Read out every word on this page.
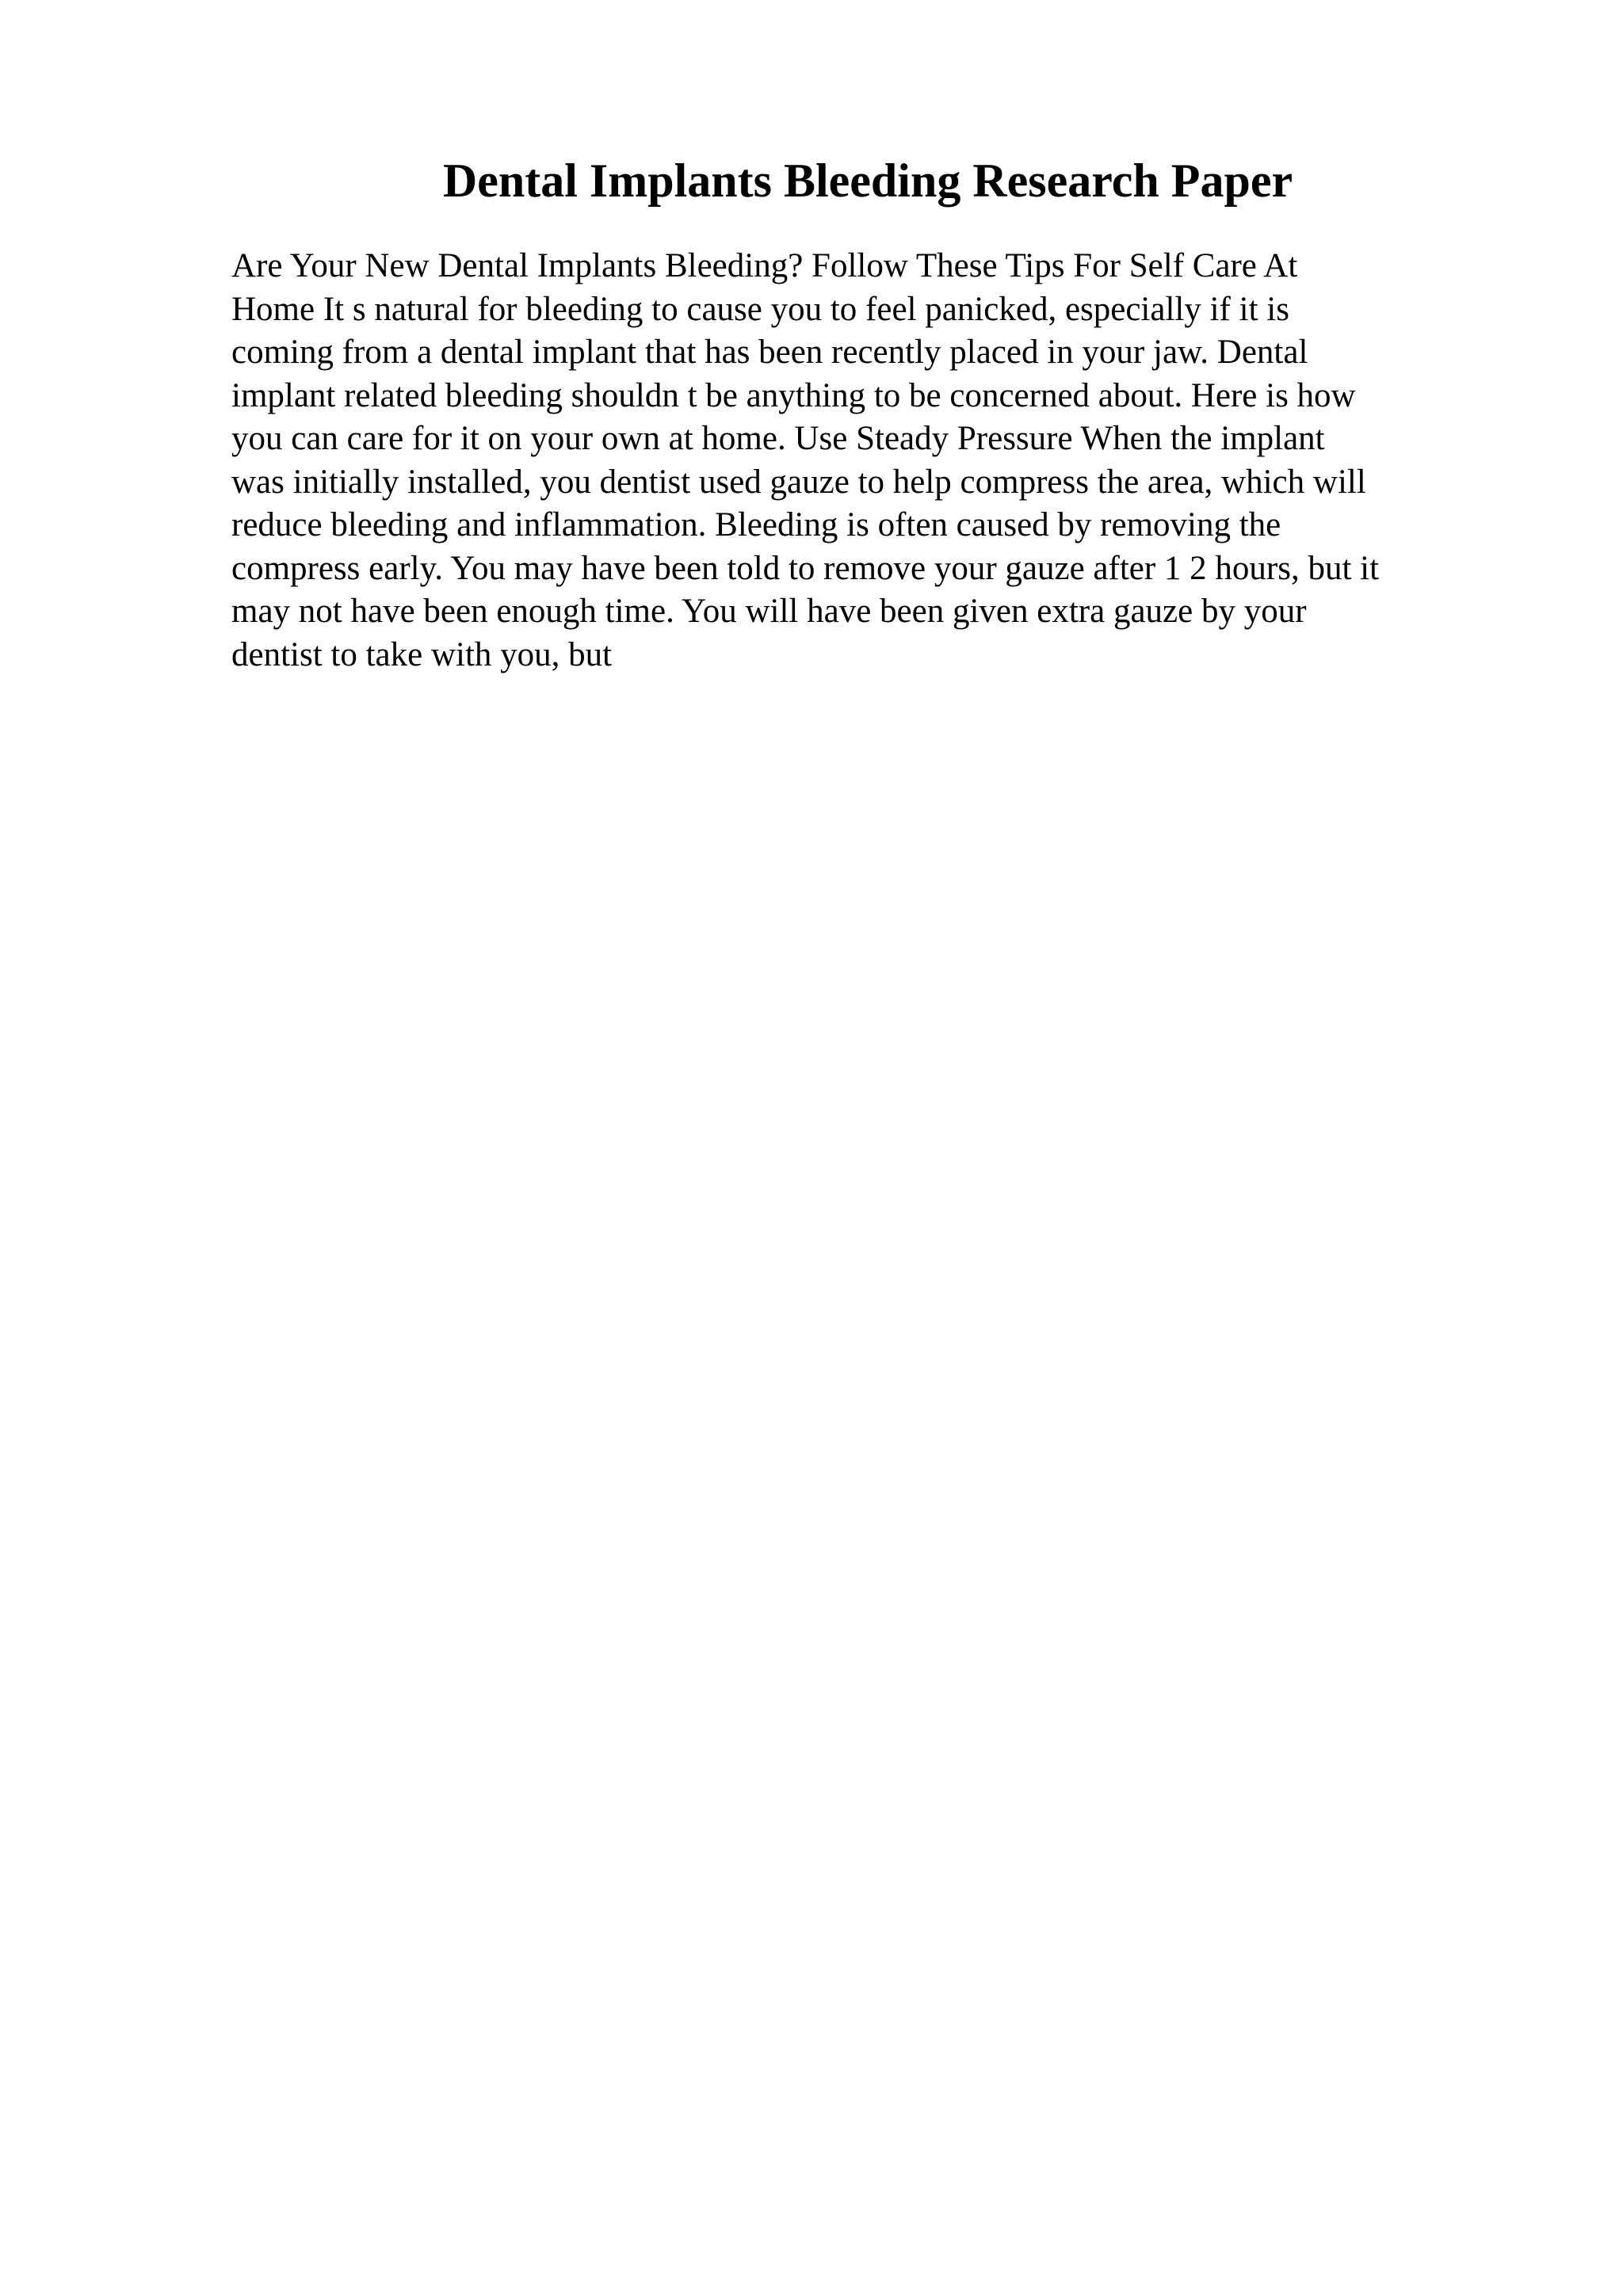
Dental Implants Bleeding Research Paper
Are Your New Dental Implants Bleeding? Follow These Tips For Self Care At
Home It s natural for bleeding to cause you to feel panicked, especially if it is
coming from a dental implant that has been recently placed in your jaw. Dental
implant related bleeding shouldn t be anything to be concerned about. Here is how
you can care for it on your own at home. Use Steady Pressure When the implant
was initially installed, you dentist used gauze to help compress the area, which will
reduce bleeding and inflammation. Bleeding is often caused by removing the
compress early. You may have been told to remove your gauze after 1 2 hours, but it
may not have been enough time. You will have been given extra gauze by your
dentist to take with you, but
